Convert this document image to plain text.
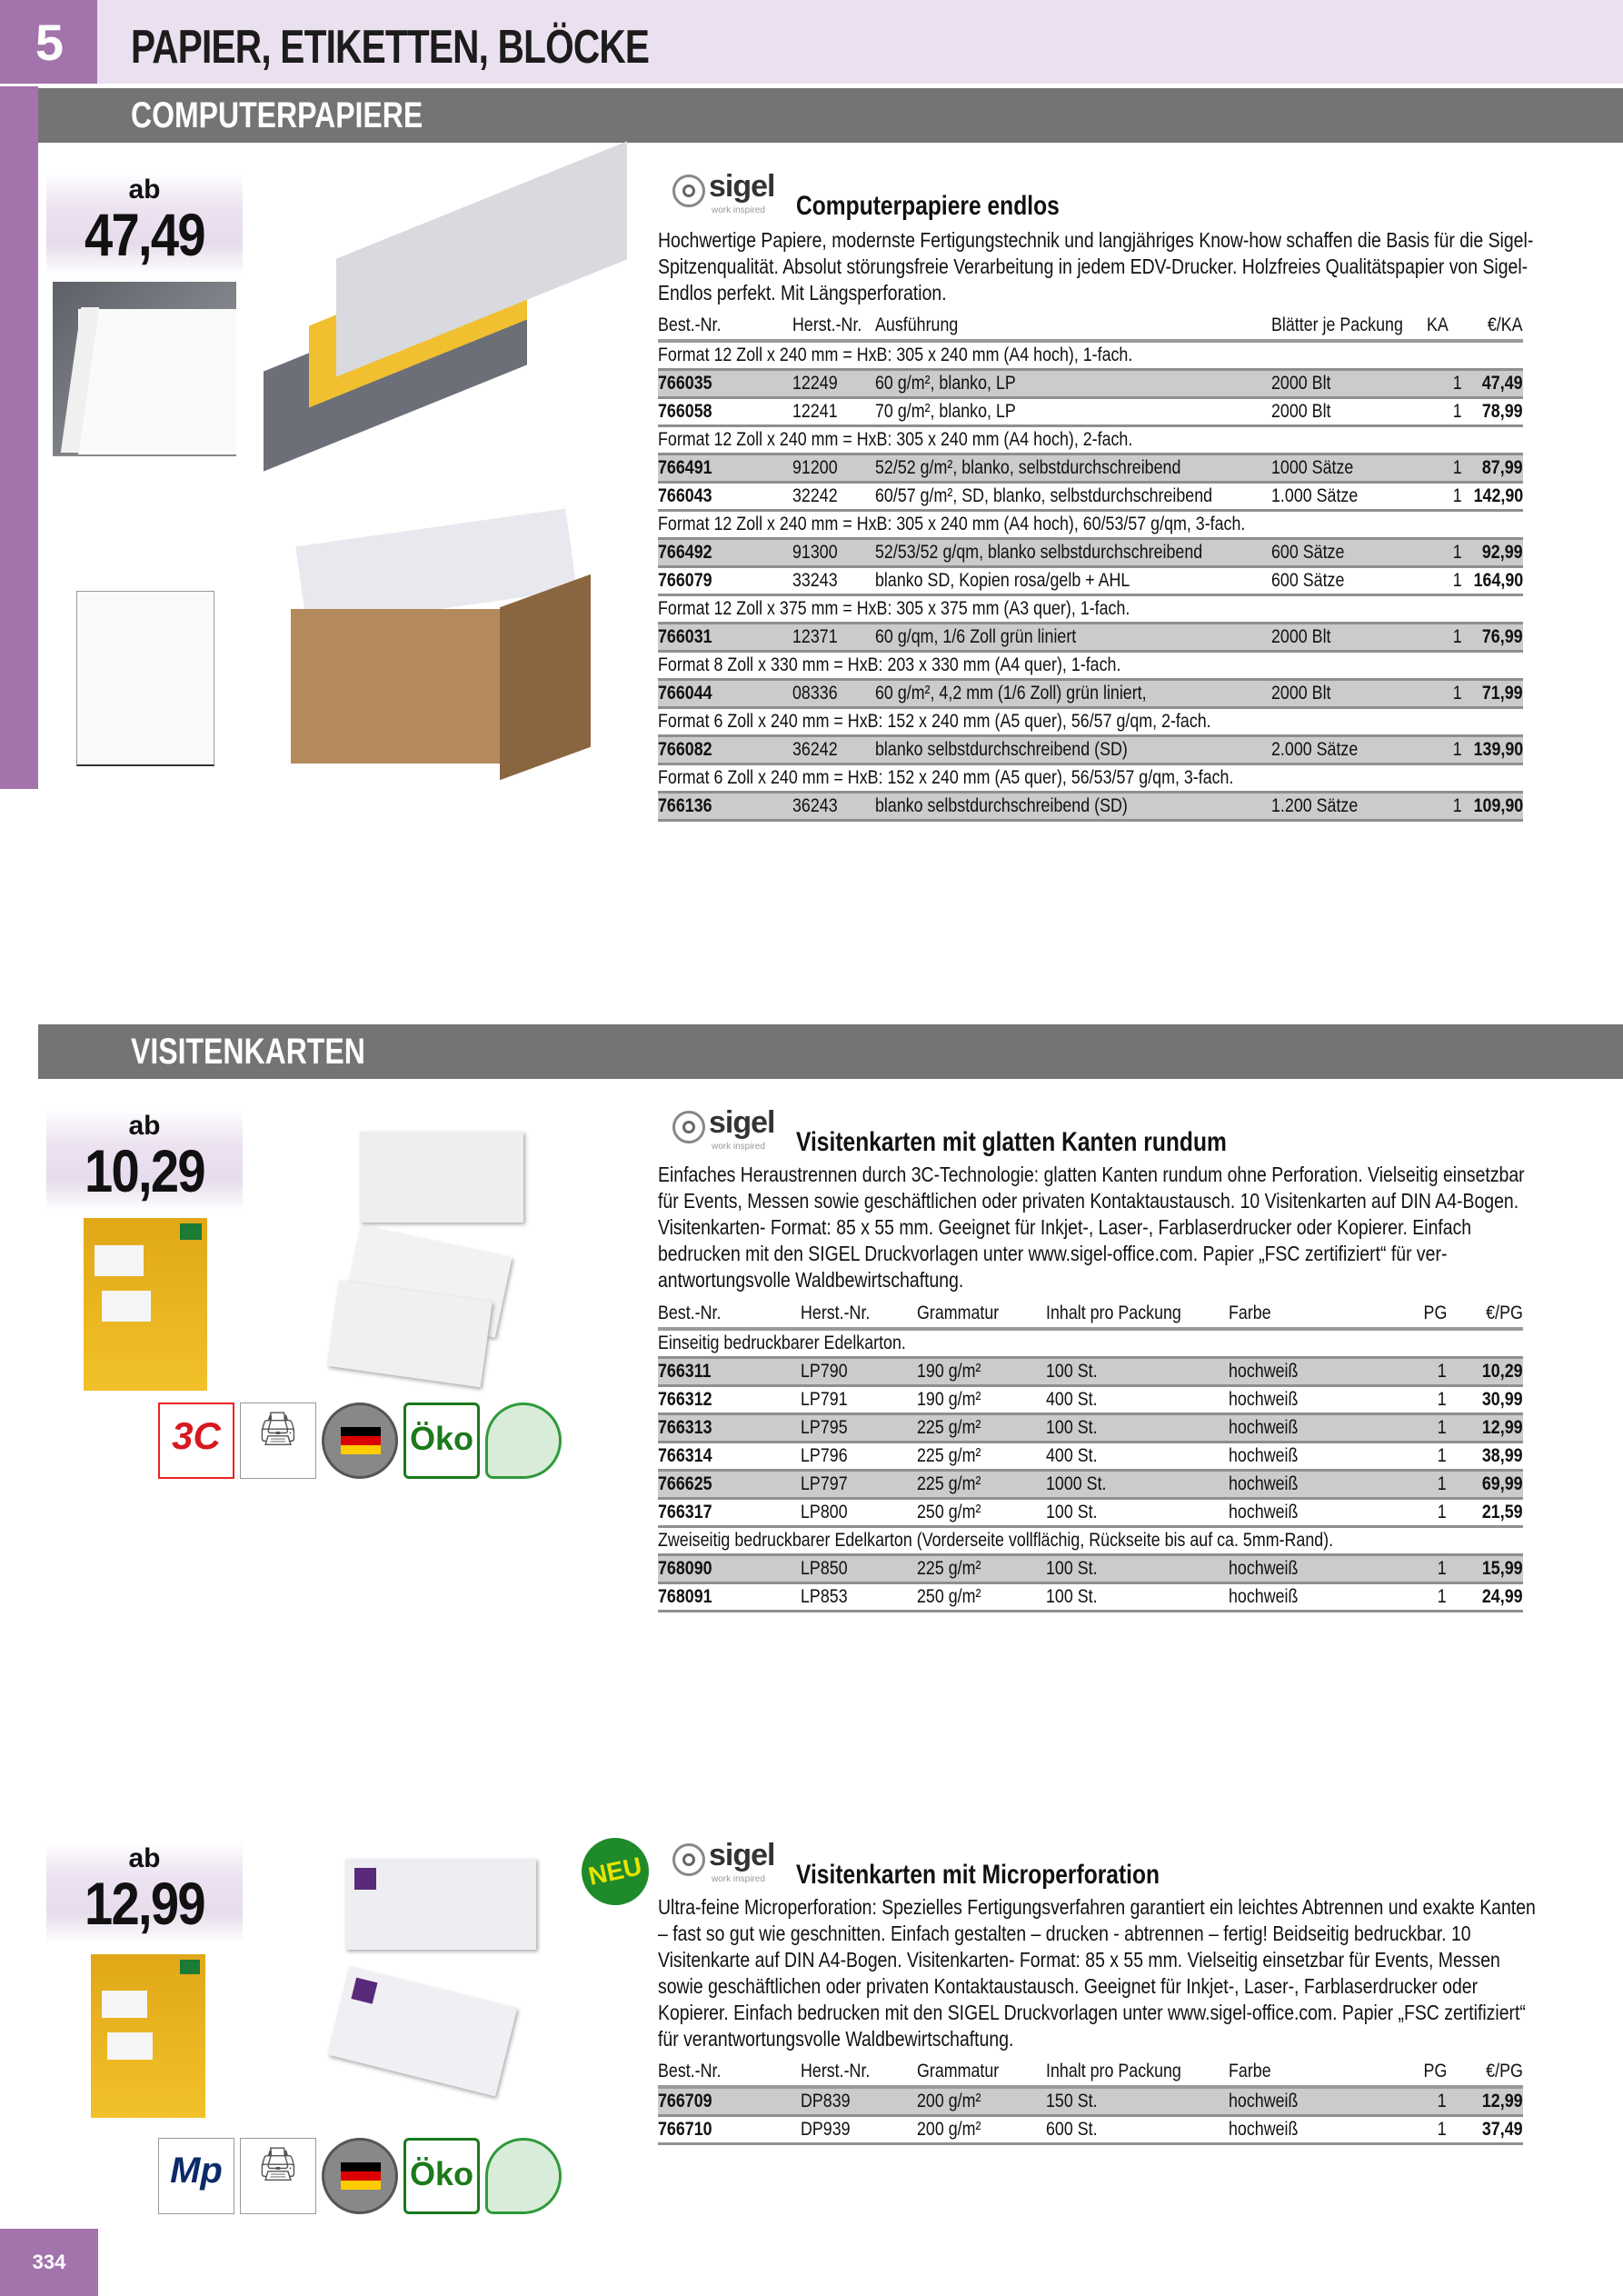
5	PAPIER, ETIKETTEN, BLÖCKE
COMPUTERPAPIERE
ab
47,49
sigel
work inspired Computerpapiere endlos
Hochwertige Papiere, modernste Fertigungstechnik und langjähriges Know-how schaffen die Basis für die Sigel-Spitzenqualität. Absolut störungsfreie Verarbeitung in jedem EDV-Drucker. Holzfreies Qualitätspapier von Sigel-Endlos perfekt. Mit Längsperforation.
Best.-Nr.	Herst.-Nr.	Ausführung	Blätter je Packung	KA	€/KA
Format 12 Zoll x 240 mm = HxB: 305 x 240 mm (A4 hoch), 1-fach.					
766035	12249	60 g/m², blanko, LP	2000 Blt	1	47,49
766058	12241	70 g/m², blanko, LP	2000 Blt	1	78,99
Format 12 Zoll x 240 mm = HxB: 305 x 240 mm (A4 hoch), 2-fach.					
766491	91200	52/52 g/m², blanko, selbstdurchschreibend	1000 Sätze	1	87,99
766043	32242	60/57 g/m², SD, blanko, selbstdurchschreibend	1.000 Sätze	1	142,90
Format 12 Zoll x 240 mm = HxB: 305 x 240 mm (A4 hoch), 60/53/57 g/qm, 3-fach.					
766492	91300	52/53/52 g/qm, blanko selbstdurchschreibend	600 Sätze	1	92,99
766079	33243	blanko SD, Kopien rosa/gelb + AHL	600 Sätze	1	164,90
Format 12 Zoll x 375 mm = HxB: 305 x 375 mm (A3 quer), 1-fach.					
766031	12371	60 g/qm, 1/6 Zoll grün liniert	2000 Blt	1	76,99
Format 8 Zoll x 330 mm = HxB: 203 x 330 mm (A4 quer), 1-fach.					
766044	08336	60 g/m², 4,2 mm (1/6 Zoll) grün liniert,	2000 Blt	1	71,99
Format 6 Zoll x 240 mm = HxB: 152 x 240 mm (A5 quer), 56/57 g/qm, 2-fach.					
766082	36242	blanko selbstdurchschreibend (SD)	2.000 Sätze	1	139,90
Format 6 Zoll x 240 mm = HxB: 152 x 240 mm (A5 quer), 56/53/57 g/qm, 3-fach.					
766136	36243	blanko selbstdurchschreibend (SD)	1.200 Sätze	1	109,90
VISITENKARTEN
ab
10,29
3C	🖨	Öko
sigel
work inspired Visitenkarten mit glatten Kanten rundum
Einfaches Heraustrennen durch 3C-Technologie: glatten Kanten rundum ohne Perforation. Vielseitig einsetzbar für Events, Messen sowie geschäftlichen oder privaten Kontaktaustausch. 10 Visitenkarten auf DIN A4-Bogen. Visitenkarten- Format: 85 x 55 mm. Geeignet für Inkjet-, Laser-, Farblaserdrucker oder Kopierer. Einfach bedrucken mit den SIGEL Druckvorlagen unter www.sigel-office.com. Papier „FSC zertifiziert“ für verantwortungsvolle Waldbewirtschaftung.
Best.-Nr.	Herst.-Nr.	Grammatur	Inhalt pro Packung	Farbe	PG	€/PG
Einseitig bedruckbarer Edelkarton.						
766311	LP790	190 g/m²	100 St.	hochweiß	1	10,29
766312	LP791	190 g/m²	400 St.	hochweiß	1	30,99
766313	LP795	225 g/m²	100 St.	hochweiß	1	12,99
766314	LP796	225 g/m²	400 St.	hochweiß	1	38,99
766625	LP797	225 g/m²	1000 St.	hochweiß	1	69,99
766317	LP800	250 g/m²	100 St.	hochweiß	1	21,59
Zweiseitig bedruckbarer Edelkarton (Vorderseite vollflächig, Rückseite bis auf ca. 5mm-Rand).						
768090	LP850	225 g/m²	100 St.	hochweiß	1	15,99
768091	LP853	250 g/m²	100 St.	hochweiß	1	24,99
ab
12,99
Mp	🖨	Öko
NEU	sigel
work inspired Visitenkarten mit Microperforation
Ultra-feine Microperforation: Spezielles Fertigungsverfahren garantiert ein leichtes Abtrennen und exakte Kanten – fast so gut wie geschnitten. Einfach gestalten – drucken - abtrennen – fertig! Beidseitig bedruckbar. 10 Visitenkarte auf DIN A4-Bogen. Visitenkarten- Format: 85 x 55 mm. Vielseitig einsetzbar für Events, Messen sowie geschäftlichen oder privaten Kontaktaustausch. Geeignet für Inkjet-, Laser-, Farblaserdrucker oder Kopierer. Einfach bedrucken mit den SIGEL Druckvorlagen unter www.sigel-office.com. Papier „FSC zertifiziert“ für verantwortungsvolle Waldbewirtschaftung.
Best.-Nr.	Herst.-Nr.	Grammatur	Inhalt pro Packung	Farbe	PG	€/PG
766709	DP839	200 g/m²	150 St.	hochweiß	1	12,99
766710	DP939	200 g/m²	600 St.	hochweiß	1	37,49
334
